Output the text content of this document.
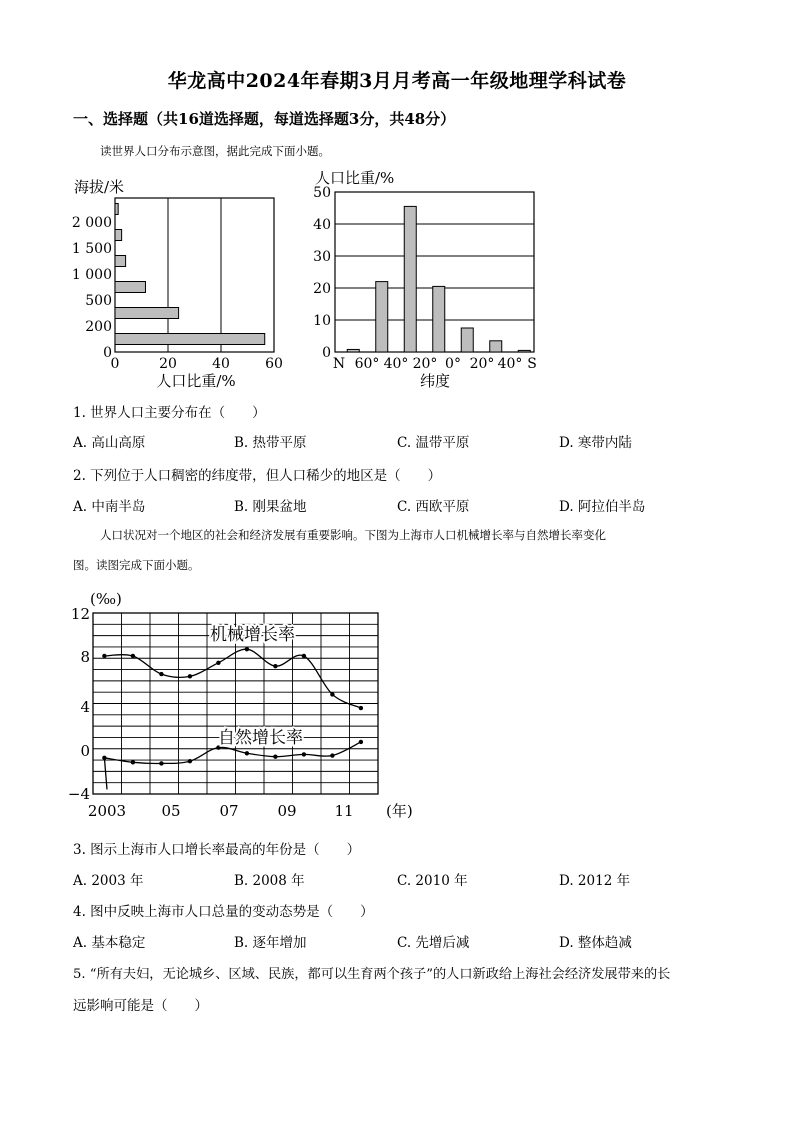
华龙高中2024年春期3月月考高一年级地理学科试卷
一、选择题（共16道选择题，每道选择题3分，共48分）
读世界人口分布示意图，据此完成下面小题。
海拔/米
2 000
1 500
1 000
500
200
0
0	20	40	60
人口比重/%
人口比重/%
50
40
30
20
10
0
N 60° 40° 20° 0° 20° 40° S
纬度
1. 世界人口主要分布在（　　）
A. 高山高原	B. 热带平原	C. 温带平原	D. 寒带内陆
2. 下列位于人口稠密的纬度带，但人口稀少的地区是（　　）
A. 中南半岛	B. 刚果盆地	C. 西欧平原	D. 阿拉伯半岛
人口状况对一个地区的社会和经济发展有重要影响。下图为上海市人口机械增长率与自然增长率变化
图。读图完成下面小题。
(‰)
机械增长率
自然增长率
12
8
4
0
−4
2003 05	07	09	11 (年)
3. 图示上海市人口增长率最高的年份是（　　）
A. 2003 年	B. 2008 年	C. 2010 年	D. 2012 年
4. 图中反映上海市人口总量的变动态势是（　　）
A. 基本稳定	B. 逐年增加	C. 先增后减	D. 整体趋减
5. “所有夫妇，无论城乡、区域、民族，都可以生育两个孩子”的人口新政给上海社会经济发展带来的长
远影响可能是（　　）
